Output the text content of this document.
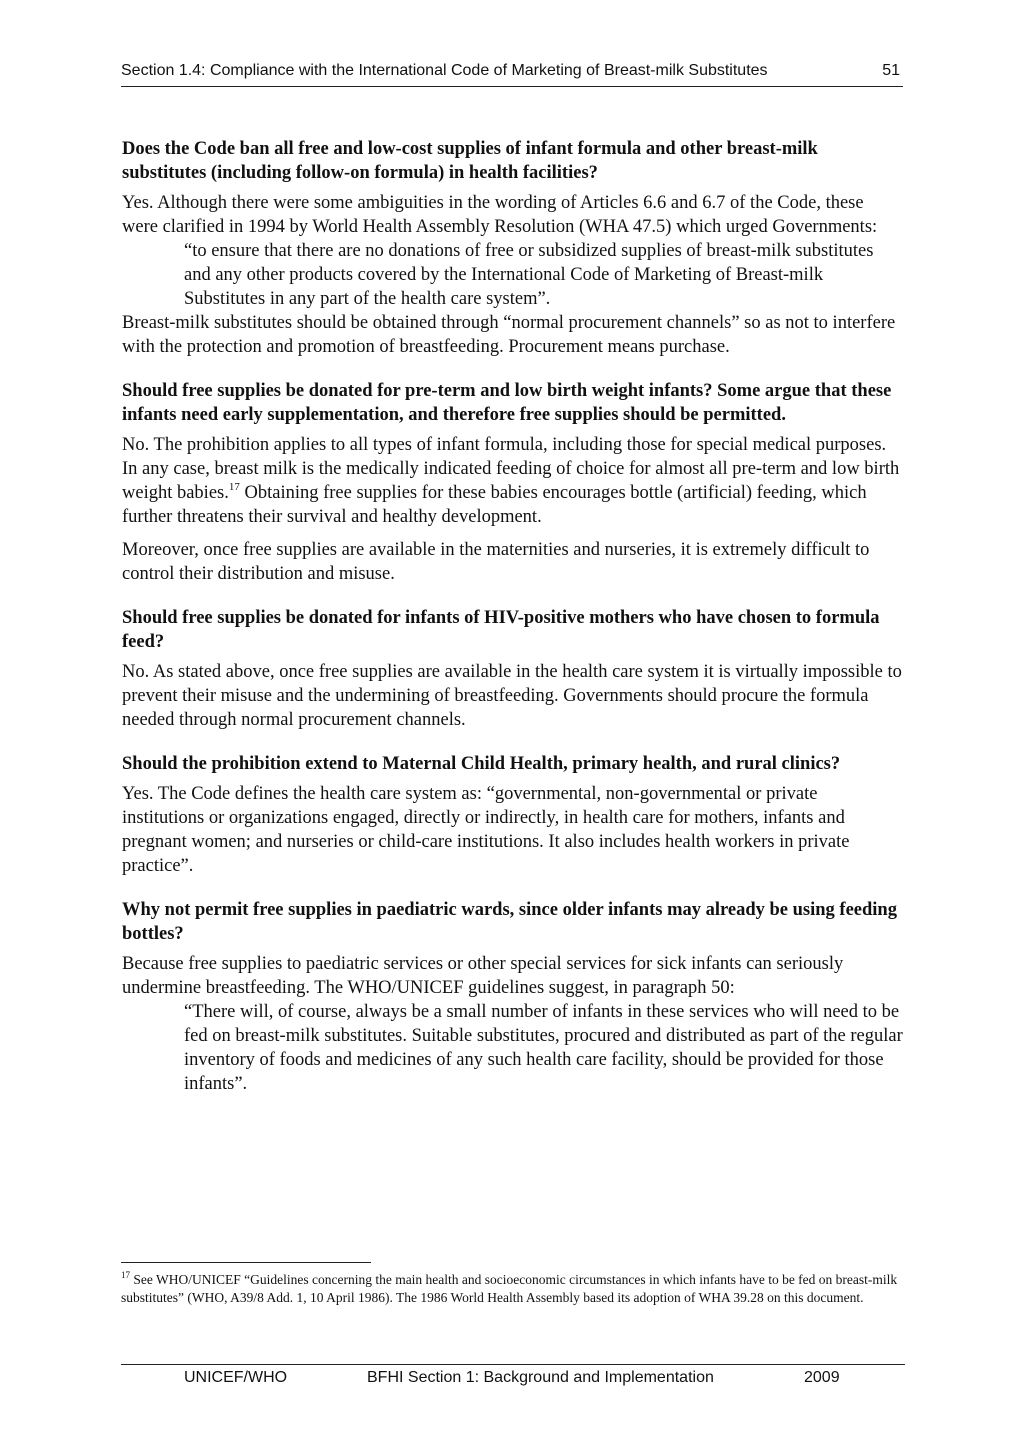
Section 1.4: Compliance with the International Code of Marketing of Breast-milk Substitutes	51

Does the Code ban all free and low-cost supplies of infant formula and other breast-milk substitutes (including follow-on formula) in health facilities?

Yes. Although there were some ambiguities in the wording of Articles 6.6 and 6.7 of the Code, these were clarified in 1994 by World Health Assembly Resolution (WHA 47.5) which urged Governments:

“to ensure that there are no donations of free or subsidized supplies of breast-milk substitutes and any other products covered by the International Code of Marketing of Breast-milk Substitutes in any part of the health care system”.

Breast-milk substitutes should be obtained through “normal procurement channels” so as not to interfere with the protection and promotion of breastfeeding. Procurement means purchase.

Should free supplies be donated for pre-term and low birth weight infants? Some argue that these infants need early supplementation, and therefore free supplies should be permitted.

No. The prohibition applies to all types of infant formula, including those for special medical purposes. In any case, breast milk is the medically indicated feeding of choice for almost all pre-term and low birth weight babies.$^{17}$ Obtaining free supplies for these babies encourages bottle (artificial) feeding, which further threatens their survival and healthy development.

Moreover, once free supplies are available in the maternities and nurseries, it is extremely difficult to control their distribution and misuse.

Should free supplies be donated for infants of HIV-positive mothers who have chosen to formula feed?

No. As stated above, once free supplies are available in the health care system it is virtually impossible to prevent their misuse and the undermining of breastfeeding. Governments should procure the formula needed through normal procurement channels.

Should the prohibition extend to Maternal Child Health, primary health, and rural clinics?

Yes. The Code defines the health care system as: “governmental, non-governmental or private institutions or organizations engaged, directly or indirectly, in health care for mothers, infants and pregnant women; and nurseries or child-care institutions. It also includes health workers in private practice”.

Why not permit free supplies in paediatric wards, since older infants may already be using feeding bottles?

Because free supplies to paediatric services or other special services for sick infants can seriously undermine breastfeeding. The WHO/UNICEF guidelines suggest, in paragraph 50:

“There will, of course, always be a small number of infants in these services who will need to be fed on breast-milk substitutes. Suitable substitutes, procured and distributed as part of the regular inventory of foods and medicines of any such health care facility, should be provided for those infants”.

$^{17}$ See WHO/UNICEF “Guidelines concerning the main health and socioeconomic circumstances in which infants have to be fed on breast-milk substitutes” (WHO, A39/8 Add. 1, 10 April 1986). The 1986 World Health Assembly based its adoption of WHA 39.28 on this document.
UNICEF/WHO	BFHI Section 1: Background and Implementation	2009
